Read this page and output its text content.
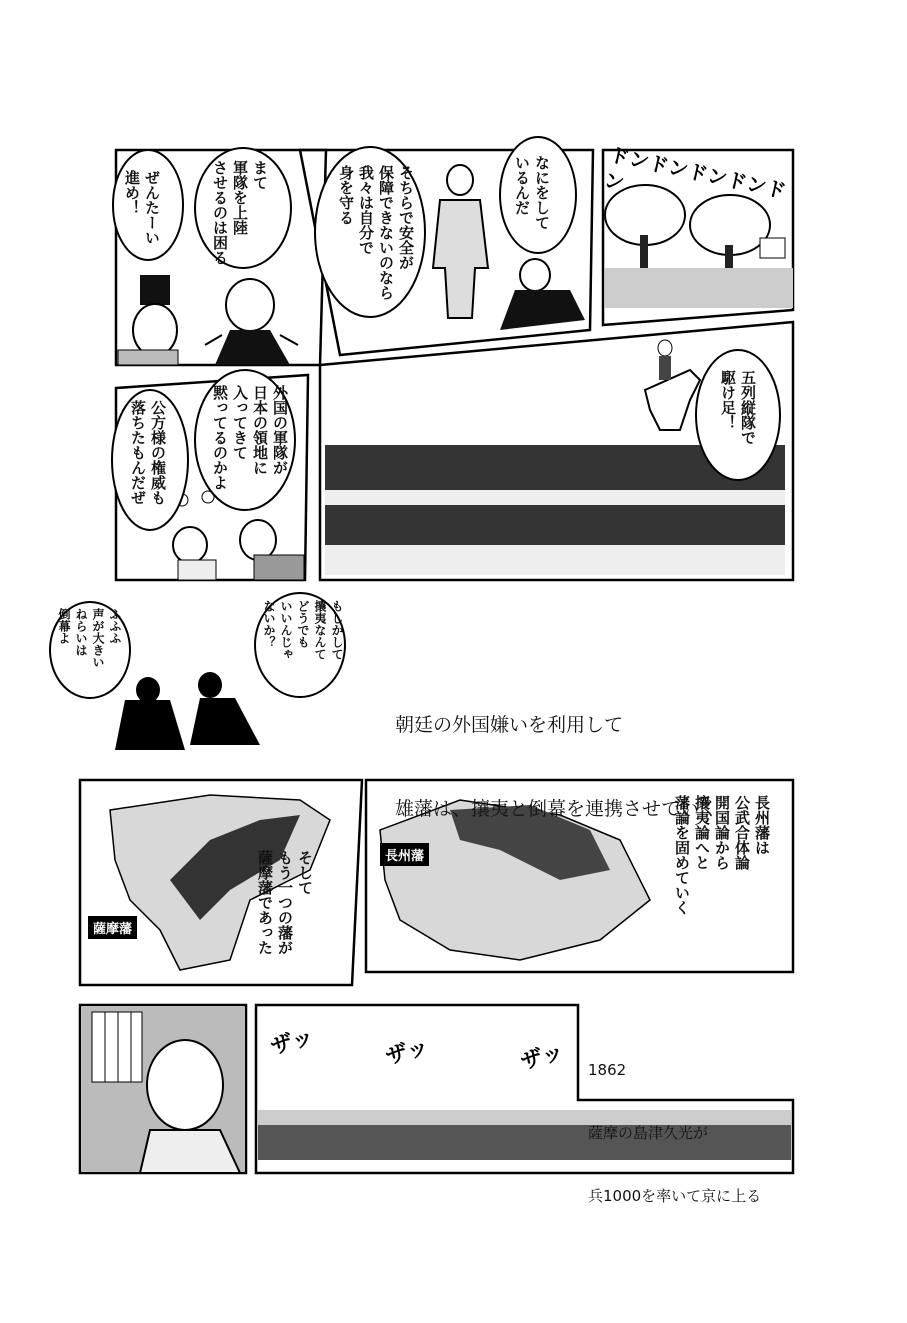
ぜんたーい
進め！	まて
軍隊を上陸
させるのは困る	そちらで安全が
保障できないのなら
我々は自分で
身を守る	なにをして
いるんだ	ドンドンドンドンドン
公方様の権威も
落ちたもんだぜ	外国の軍隊が
日本の領地に
入ってきて
黙ってるのかよ	五列縦隊で
駆け足！
ふふふ
声が大きい
ねらいは
倒幕よ	もしかして
攘夷なんて
どうでも
いいんじゃ
ないか？

朝廷の外国嫌いを利用して

雄藩は、攘夷と倒幕を連携させていく

薩摩藩
そして
もう一つの藩が
薩摩藩であった	長州藩
長州藩は
公武合体論
開国論から
攘夷論へと
藩論を固めていく
ザッ	ザッ	ザッ

1862

薩摩の島津久光が

兵1000を率いて京に上る
